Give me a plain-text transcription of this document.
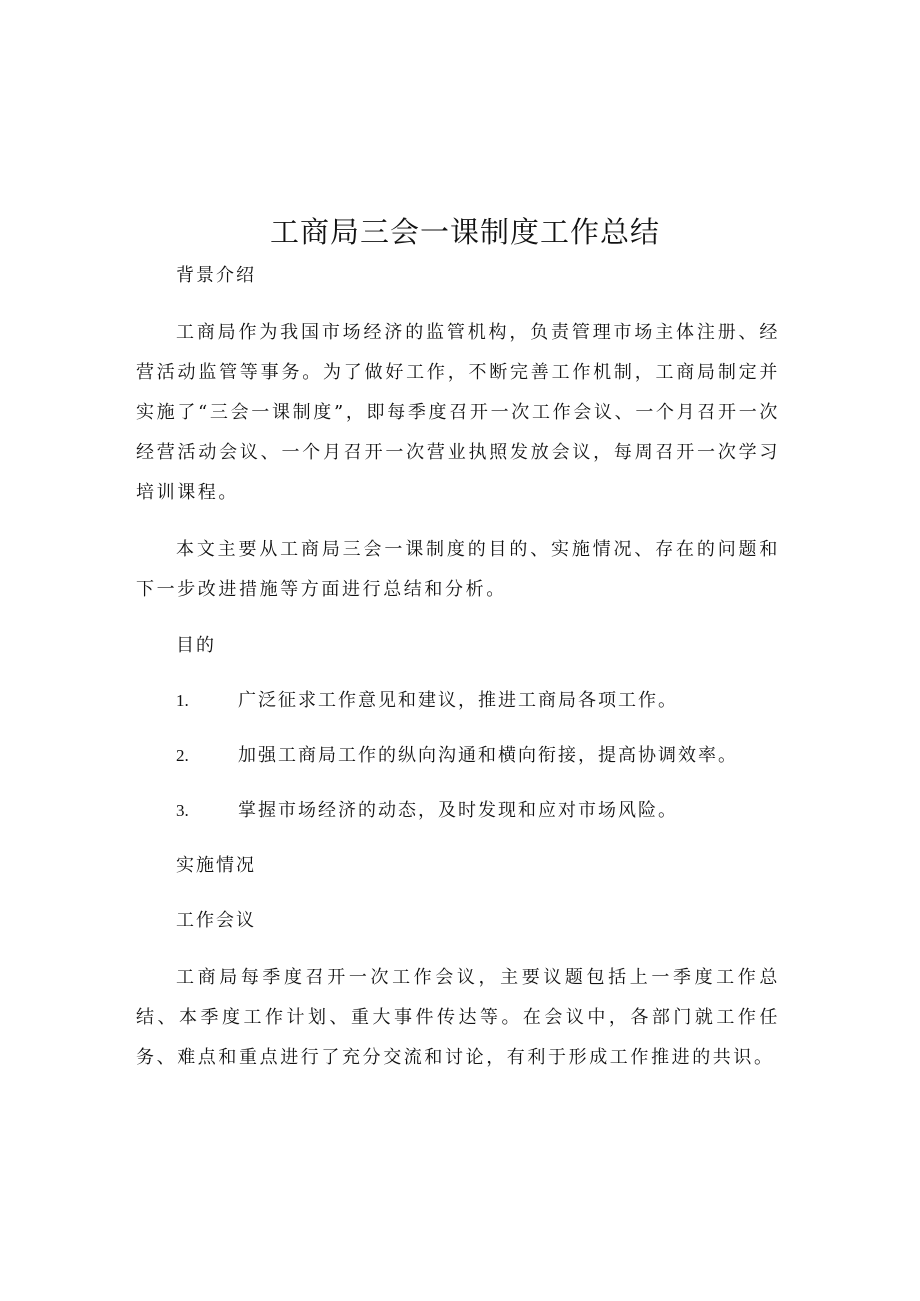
工商局三会一课制度工作总结
背景介绍

工商局作为我国市场经济的监管机构，负责管理市场主体注册、经营活动监管等事务。为了做好工作，不断完善工作机制，工商局制定并实施了“三会一课制度”，即每季度召开一次工作会议、一个月召开一次经营活动会议、一个月召开一次营业执照发放会议，每周召开一次学习培训课程。

本文主要从工商局三会一课制度的目的、实施情况、存在的问题和下一步改进措施等方面进行总结和分析。

目的
1.	广泛征求工作意见和建议，推进工商局各项工作。
2.	加强工商局工作的纵向沟通和横向衔接，提高协调效率。
3.	掌握市场经济的动态，及时发现和应对市场风险。
实施情况
工作会议

工商局每季度召开一次工作会议，主要议题包括上一季度工作总结、本季度工作计划、重大事件传达等。在会议中，各部门就工作任务、难点和重点进行了充分交流和讨论，有利于形成工作推进的共识。
